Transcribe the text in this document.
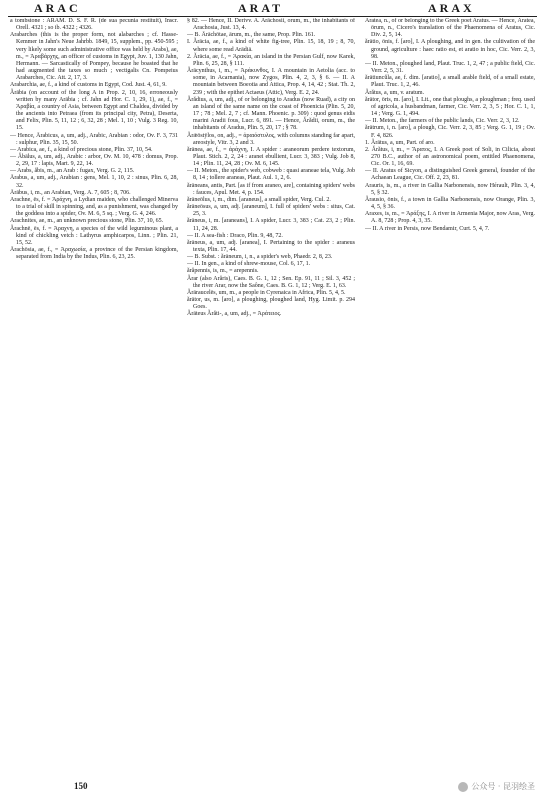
ARAC	ARAT	ARAX

a tombstone : ARAM. D. S. F. R. (de sua pecunia restituit), Inscr. Orell. 4321 ; so ib. 4322 ; 4326.

Arabarches (this is the proper form, not alabarches ; cf. Hasse-Kemmer in Jahn's Neue Jahrbb. 1849, 15, supplem., pp. 450-595 ; very likely some such administrative office was held by Arabs), ae, m., = Ἀραβάρχης, an officer of customs in Egypt, Juv. 1, 130 Jahn, Hermann. — Sarcastically of Pompey, because he boasted that he had augmented the taxes so much ; vectigalis Cn. Pompeius Arabarches, Cic. Att. 2, 17, 3.

Arabarchia, ae, f., a kind of customs in Egypt, Cod. Just. 4, 61, 9.

Ărābia (on account of the long A in Prop. 2, 10, 16, erroneously written by many Arābia ; cf. Jahn ad Hor. C. 1, 29, 1), ae, f., = Ἀραβία, a country of Asia, between Egypt and Chaldea, divided by the ancients into Petraea (from its principal city, Petra), Deserta, and Felix, Plin. 5, 11, 12 ; 6, 32, 28 ; Mel. 1, 10 ; Vulg. 3 Reg. 10, 15.

— Hence, Ārabicus, a, um, adj., Arabic, Arabian : odor, Ov. F. 3, 731 : sulphur, Plin. 35, 15, 50.

— Arabica, ae, f., a kind of precious stone, Plin. 37, 10, 54.

— Ăbālus, a, um, adj., Arabic : arbor, Ov. M. 10, 478 : domus, Prop. 2, 29, 17 : lapis, Mart. 9, 22, 14.

— Arabs, ăbis, m., an Arab : fugax, Verg. G. 2, 115.

Ārabus, a, um, adj., Arabian : gens, Mel. 1, 10, 2 : sinus, Plin. 6, 28, 32.

Ārābus, i, m., an Arabian, Verg. A. 7, 605 ; 8, 706.

Arachne, ēs, f. = Ἀράχνη, a Lydian maiden, who challenged Minerva to a trial of skill in spinning, and, as a punishment, was changed by the goddess into a spider, Ov. M. 6, 5 sq. ; Verg. G. 4, 246.

Arachnites, ae, m., an unknown precious stone, Plin. 37, 10, 65.

Ărachnē, ēs, f. = Ἀραχνη, a species of the wild leguminous plant, a kind of chickling vetch : Lathyrus amphicarpos, Linn. ; Plin. 21, 15, 52.

Ārachōsia, ae, f., = Ἀραχωσία, a province of the Persian kingdom, separated from India by the Indus, Plin. 6, 23, 25.

§ 82. — Hence, II. Derivv. A. Arāchosii, orum, m., the inhabitants of Arachosia, Just. 13, 4.

— B. Ārāchōtae, ārum, m., the same, Prop. Plin. 161.

I. Ărācia, ae, f., a kind of white fig-tree, Plin. 15, 18, 19 ; 8, 70, where some read Arādiā.

2. Ărācia, ae, f., = Ἀρακία, an island in the Persian Gulf, now Karek, Plin. 6, 25, 28, § 111.

Ărācynthus, i, m., = Ἀράκυνθος, I. A mountain in Aetolia (acc. to some, in Acarnania), now Zygos, Plin. 4, 2, 3, § 6. — II. A mountain between Boeotia and Attica, Prop. 4, 14, 42 ; Stat. Th. 2, 239 ; with the epithet Actaeus (Attic), Verg. E. 2, 24.

Ărădius, a, um, adj., of or belonging to Aradus (now Ruad), a city on an island of the same name on the coast of Phoenicia (Plin. 5, 20, 17 ; 78 ; Mel. 2, 7 ; cf. Mann. Phoenic. p. 309) : quod genus eidis marini Aradii fous, Lucr. 6, 891. — Hence, Ărădii, orum, m., the inhabitants of Aradus, Plin. 5, 20, 17 ; § 78.

Ărǣōstȳlos, on, adj., = ἀραιόστυλος, with columns standing far apart, areostyle, Vitr. 3, 2 and 3.

ărānea, ae, f., = ἀράχνη, I. A spider : araneorum perdere textorum, Plaut. Stich. 2, 2, 24 : aranei ebullient, Lucr. 3, 383 ; Vulg. Job 8, 14 ; Plin. 11, 24, 28 ; Ov. M. 6, 145.

— II. Meton., the spider's web, cobweb : quasi araneae tela, Vulg. Job 8, 14 ; tollere araneas, Plaut. Aul. 1, 2, 6.

ărāneans, antis, Part. [as if from araneo, are], containing spiders' webs : fauces, Apul. Met. 4, p. 154.

ărāneōlus, i, m., dim. [araneus], a small spider, Verg. Cul. 2.

ărāneōsus, a, um, adj. [araneum], I. full of spiders' webs : situs, Cat. 25, 3.

ărāneus, i, m. [araneans], I. A spider, Lucr. 3, 383 ; Cat. 23, 2 ; Plin. 11, 24, 28.

— II. A sea-fish : Draco, Plin. 9, 48, 72.

ărāneus, a, um, adj. [aranea], I. Pertaining to the spider : araneus texta, Plin. 17, 44.

— B. Subst. : ărāneum, i, n., a spider's web, Phaedr. 2, 8, 23.

— II. In gen., a kind of shrew-mouse, Col. 6, 17, 1.

ărăpennis, is, m., = arepennis.

Ărar (also Arăris), Caes. B. G. 1, 12 ; Sen. Ep. 91, 11 ; Sil. 3, 452 ; the river Arar, now the Saône, Caes. B. G. 1, 12 ; Verg. E. 1, 63.

Ărāraucelēs, um, m., a people in Cyrenaica in Africa, Plin. 5, 4, 5.

ărātor, us, m. [aro], a ploughing, ploughed land, Hyg. Limit. p. 294 Goes.

Ărāteus Ărăti-, a, um, adj., = Ἀράτειος.

Aratea, n., of or belonging to the Greek poet Aratus. — Hence, Ăratea, ōrum, n., Cicero's translation of the Phaenomena of Aratus, Cic. Div. 2, 5, 14.

ărātio, ōnis, f. [aro], I. A ploughing, and in gen. the cultivation of the ground, agriculture : haec ratio est, et aratio in hoc, Cic. Verr. 2, 3, 98.

— II. Meton., ploughed land, Plaut. Truc. 1, 2, 47 ; a public field, Cic. Verr. 2, 5, 31.

ărātiuncŭla, ae, f. dim. [aratio], a small arable field, of a small estate, Plaut. Truc. 1, 2, 46.

Ărătus, a, um, v. aratum.

ărātor, ōris, m. [aro], I. Lit., one that ploughs, a ploughman ; freq. used of agricola, a husbandman, farmer, Cic. Verr. 2, 3, 5 ; Hor. C. 1, 1, 14 ; Verg. G. 1, 494.

— II. Meton., the farmers of the public lands, Cic. Verr. 2, 3, 12.

ărātrum, i, n. [aro], a plough, Cic. Verr. 2, 3, 85 ; Verg. G. 1, 19 ; Ov. F. 4, 826.

1. Ărātus, a, um, Part. of aro.

2. Ărătus, i, m., = Ἄρατος, I. A Greek poet of Soli, in Cilicia, about 270 B.C., author of an astronomical poem, entitled Phaenomena, Cic. Or. 1, 16, 69.

— II. Aratus of Sicyon, a distinguished Greek general, founder of the Achaean League, Cic. Off. 2, 23, 81.

Arauris, is, m., a river in Gallia Narbonensis, now Hérault, Plin. 3, 4, 5, § 32.

Ărausio, ōnis, f., a town in Gallia Narbonensis, now Orange, Plin. 3, 4, 5, § 36.

Araxes, is, m., = Ἀράξης, I. A river in Armenia Major, now Aras, Verg. A. 8, 728 ; Prop. 4, 3, 35.

— II. A river in Persis, now Bendamir, Curt. 5, 4, 7.

150	公众号 · 昆羽绘圣
